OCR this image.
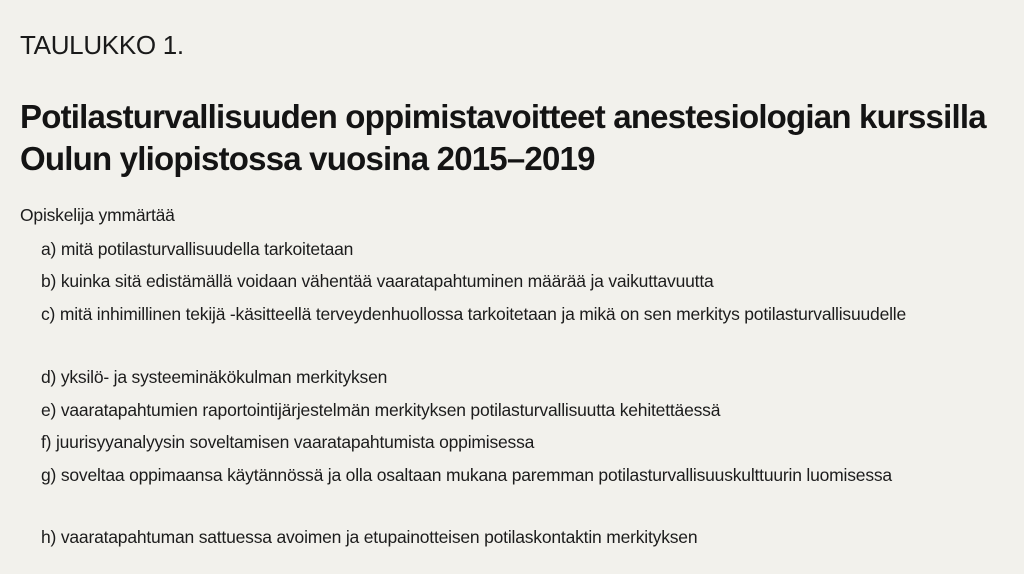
TAULUKKO 1.
Potilasturvallisuuden oppimistavoitteet anestesiologian kurssilla Oulun yliopistossa vuosina 2015–2019
Opiskelija ymmärtää
a) mitä potilasturvallisuudella tarkoitetaan
b) kuinka sitä edistämällä voidaan vähentää vaaratapahtuminen määrää ja vaikuttavuutta
c) mitä inhimillinen tekijä -käsitteellä terveydenhuollossa tarkoitetaan ja mikä on sen merkitys potilasturvallisuudelle
d) yksilö- ja systeeminäkökulman merkityksen
e) vaaratapahtumien raportointijärjestelmän merkityksen potilasturvallisuutta kehitettäessä
f) juurisyyanalyysin soveltamisen vaaratapahtumista oppimisessa
g) soveltaa oppimaansa käytännössä ja olla osaltaan mukana paremman potilasturvallisuuskulttuurin luomisessa
h) vaaratapahtuman sattuessa avoimen ja etupainotteisen potilaskontaktin merkityksen
